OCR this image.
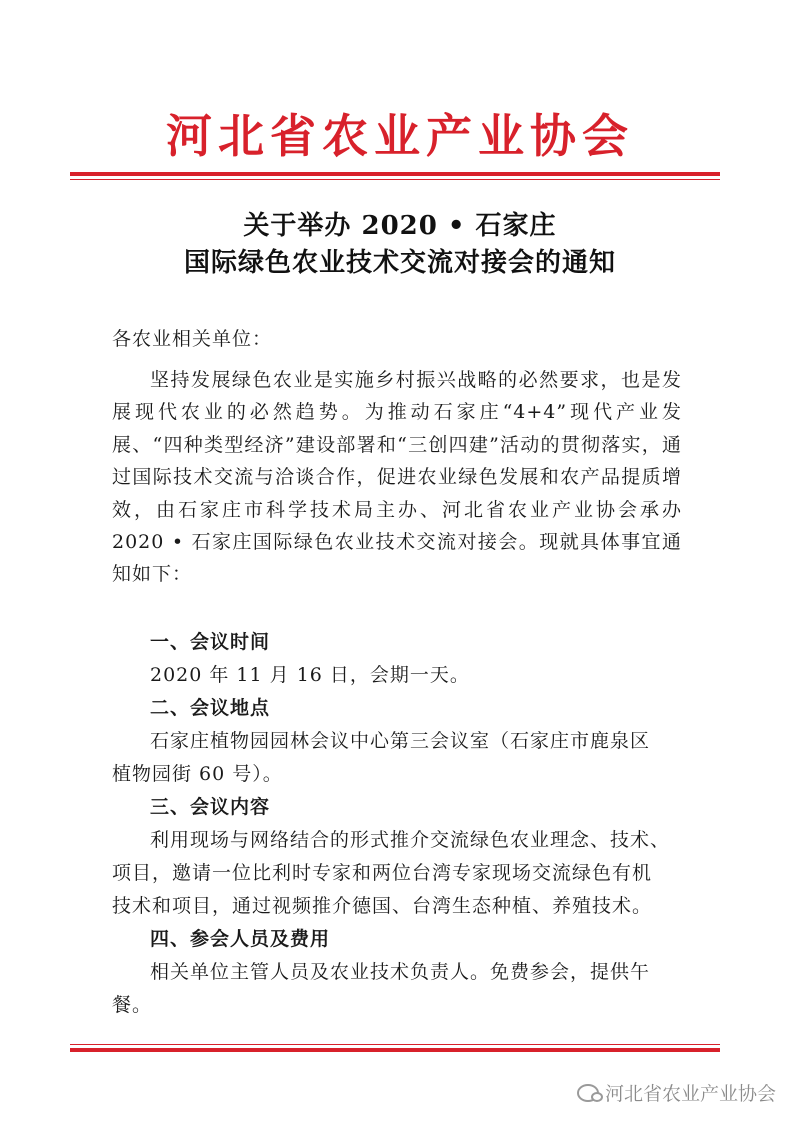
河北省农业产业协会
关于举办 2020 • 石家庄
国际绿色农业技术交流对接会的通知
各农业相关单位：

坚持发展绿色农业是实施乡村振兴战略的必然要求，也是发展现代农业的必然趋势。为推动石家庄“4+4”现代产业发展、“四种类型经济”建设部署和“三创四建”活动的贯彻落实，通过国际技术交流与洽谈合作，促进农业绿色发展和农产品提质增效，由石家庄市科学技术局主办、河北省农业产业协会承办 2020 • 石家庄国际绿色农业技术交流对接会。现就具体事宜通知如下：

一、会议时间
2020 年 11 月 16 日，会期一天。
二、会议地点
石家庄植物园园林会议中心第三会议室（石家庄市鹿泉区
植物园街 60 号）。
三、会议内容
利用现场与网络结合的形式推介交流绿色农业理念、技术、
项目，邀请一位比利时专家和两位台湾专家现场交流绿色有机
技术和项目，通过视频推介德国、台湾生态种植、养殖技术。
四、参会人员及费用
相关单位主管人员及农业技术负责人。免费参会，提供午
餐。
河北省农业产业协会
